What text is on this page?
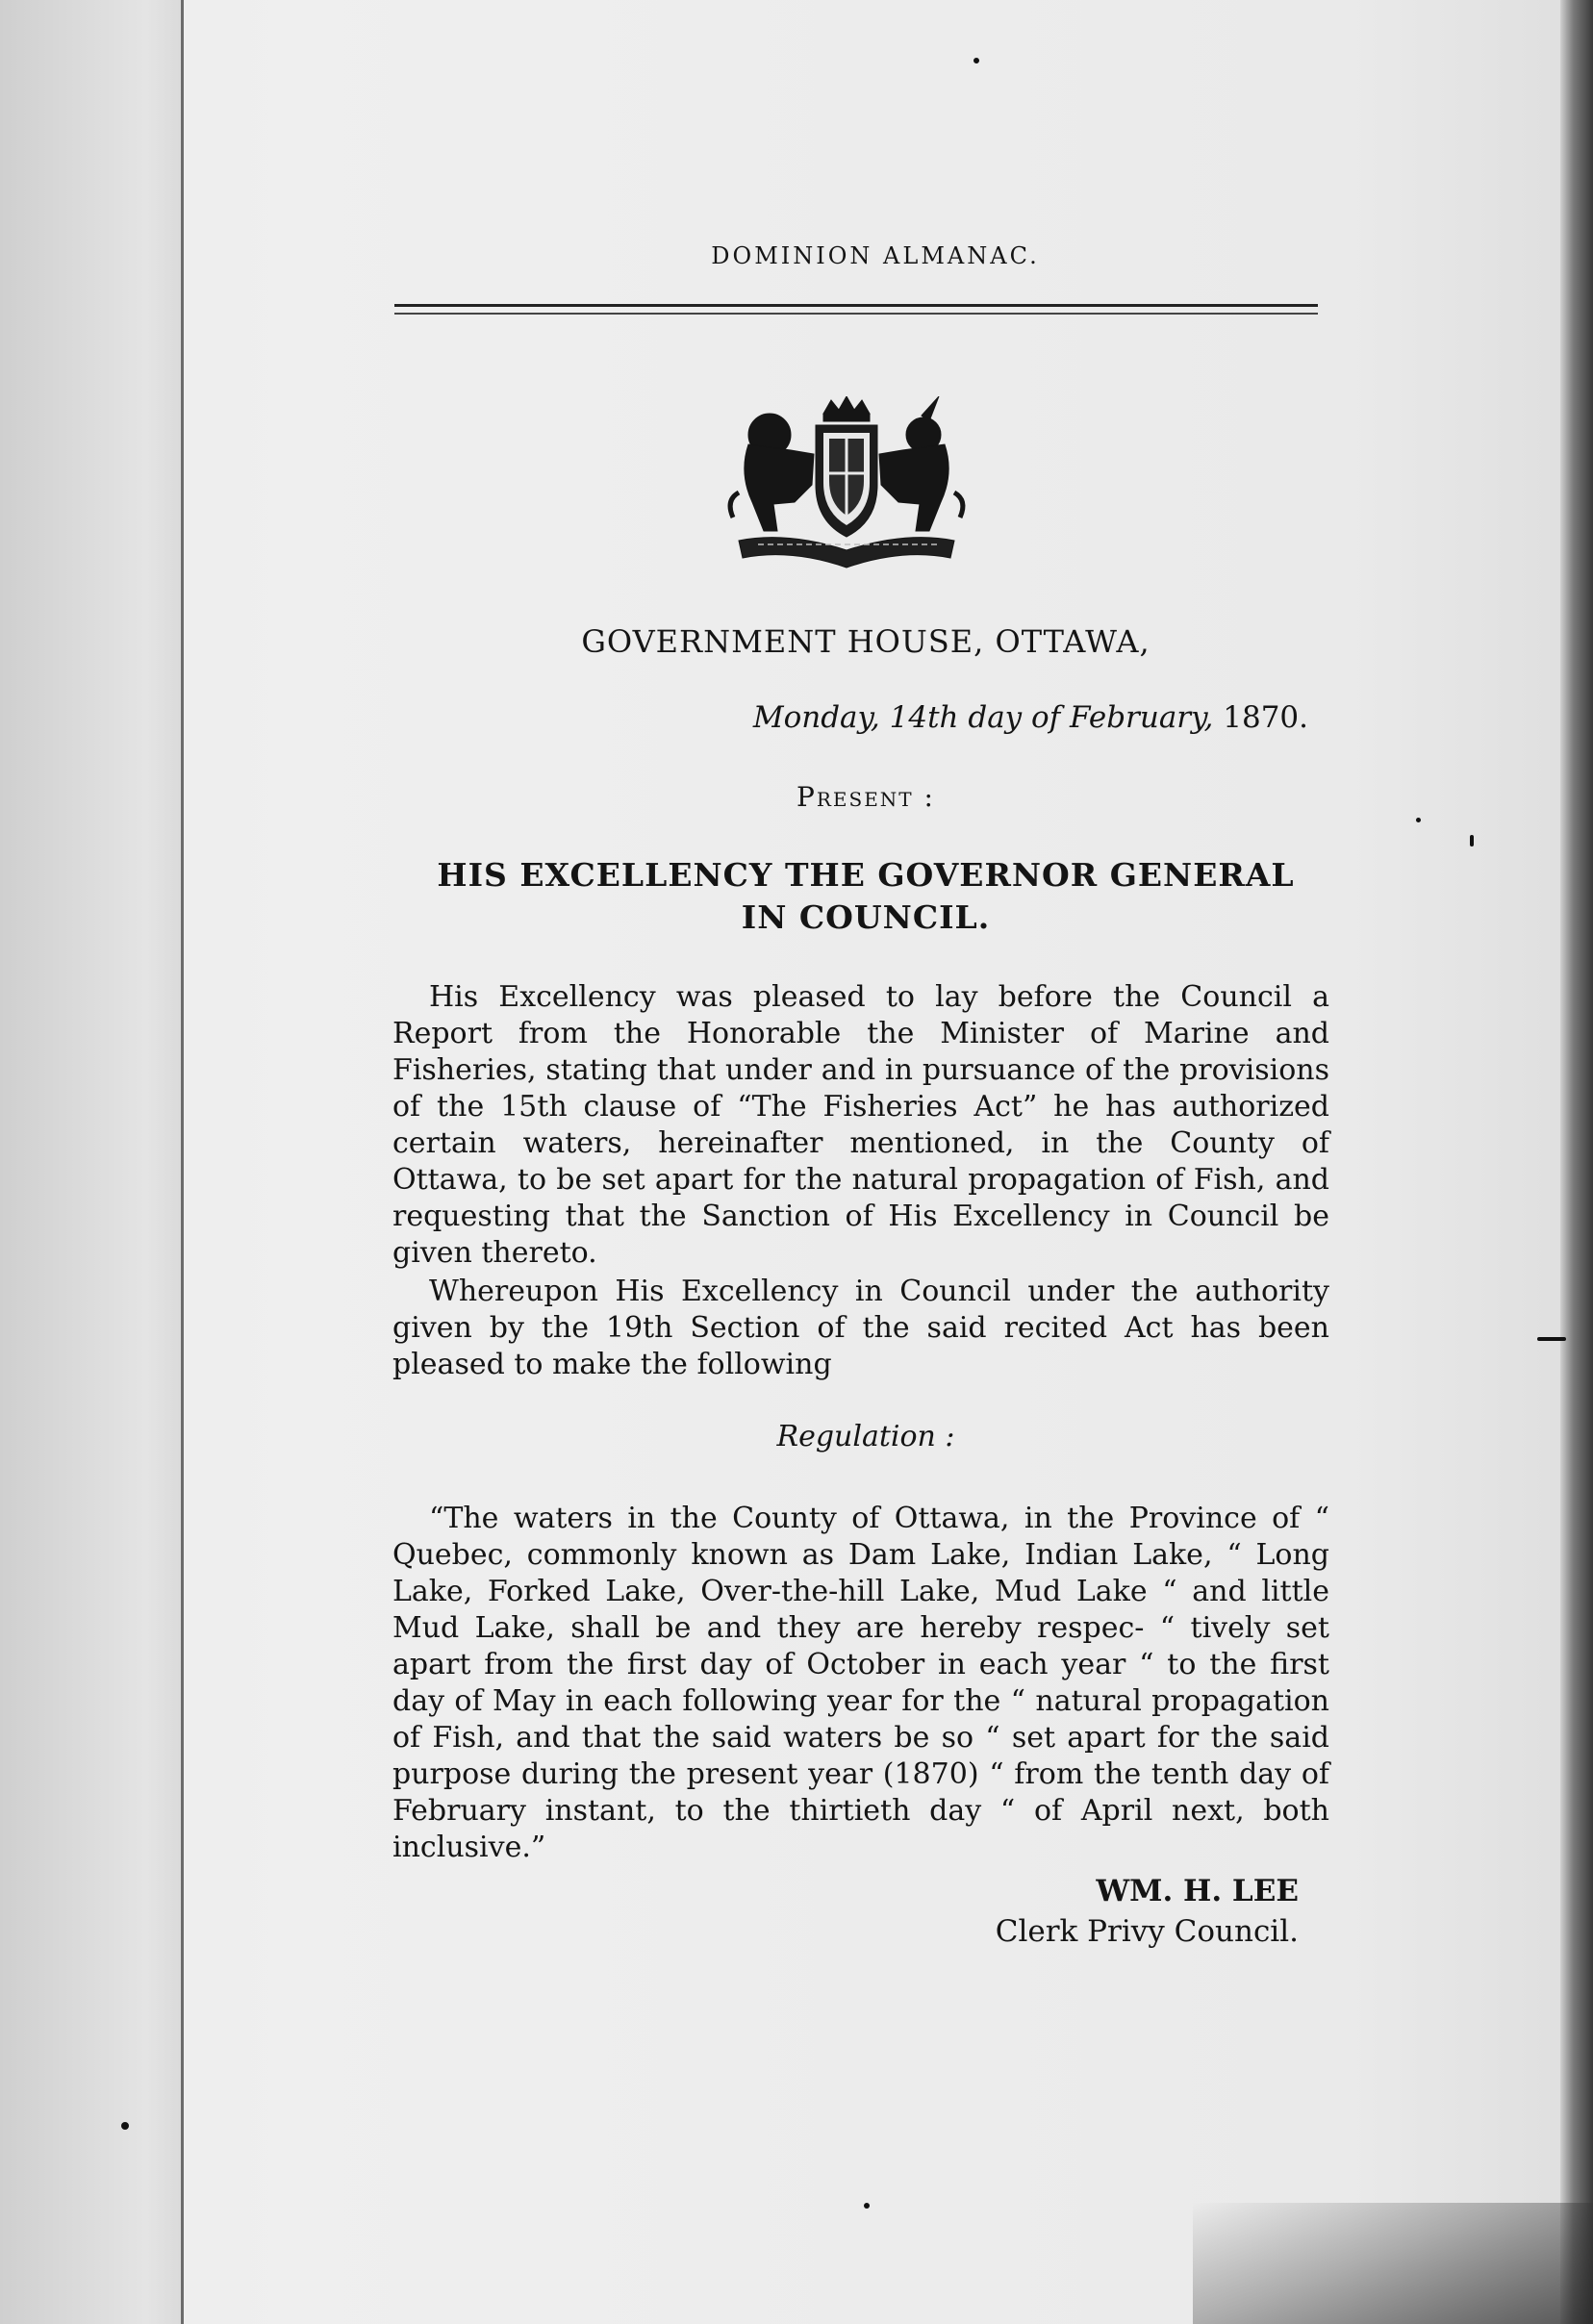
DOMINION ALMANAC.
GOVERNMENT HOUSE, OTTAWA,
Monday, 14th day of February, 1870.
Present :
HIS EXCELLENCY THE GOVERNOR GENERAL
IN COUNCIL.

His Excellency was pleased to lay before the Council a Report from the Honorable the Minister of Marine and Fisheries, stating that under and in pursuance of the provisions of the 15th clause of “The Fisheries Act” he has authorized certain waters, hereinafter mentioned, in the County of Ottawa, to be set apart for the natural propagation of Fish, and requesting that the Sanction of His Excellency in Council be given thereto.

Whereupon His Excellency in Council under the authority given by the 19th Section of the said recited Act has been pleased to make the following

Regulation :

“The waters in the County of Ottawa, in the Province of “ Quebec, commonly known as Dam Lake, Indian Lake, “ Long Lake, Forked Lake, Over-the-hill Lake, Mud Lake “ and little Mud Lake, shall be and they are hereby respec- “ tively set apart from the first day of October in each year “ to the first day of May in each following year for the “ natural propagation of Fish, and that the said waters be so “ set apart for the said purpose during the present year (1870) “ from the tenth day of February instant, to the thirtieth day “ of April next, both inclusive.”

WM. H. LEE
Clerk Privy Council.
